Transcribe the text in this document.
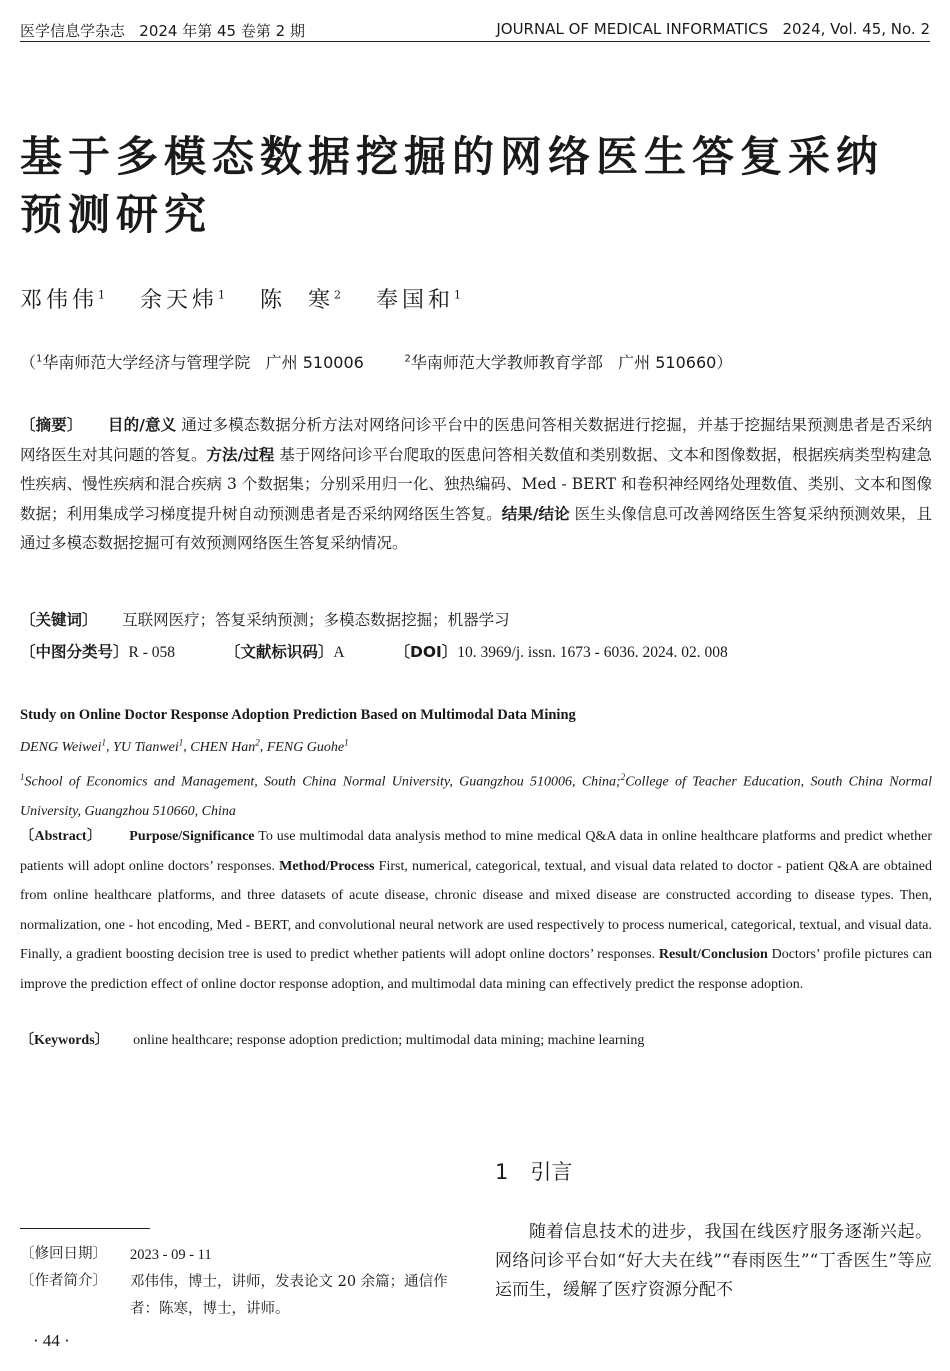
医学信息学杂志   2024 年第 45 卷第 2 期	JOURNAL OF MEDICAL INFORMATICS   2024, Vol. 45, No. 2
基于多模态数据挖掘的网络医生答复采纳
预测研究
邓伟伟$^1$ 余天炜$^1$ 陈  寒$^2$ 奉国和$^1$
（$^1$华南师范大学经济与管理学院   广州 510006	$^2$华南师范大学教师教育学部   广州 510660）
〔摘要〕 目的/意义 通过多模态数据分析方法对网络问诊平台中的医患问答相关数据进行挖掘，并基于挖掘结果预测患者是否采纳网络医生对其问题的答复。方法/过程 基于网络问诊平台爬取的医患问答相关数值和类别数据、文本和图像数据，根据疾病类型构建急性疾病、慢性疾病和混合疾病 3 个数据集；分别采用归一化、独热编码、Med - BERT 和卷积神经网络处理数值、类别、文本和图像数据；利用集成学习梯度提升树自动预测患者是否采纳网络医生答复。结果/结论 医生头像信息可改善网络医生答复采纳预测效果，且通过多模态数据挖掘可有效预测网络医生答复采纳情况。
〔关键词〕 互联网医疗；答复采纳预测；多模态数据挖掘；机器学习
〔中图分类号〕R - 058	〔文献标识码〕A	〔DOI〕10. 3969/j. issn. 1673 - 6036. 2024. 02. 008
Study on Online Doctor Response Adoption Prediction Based on Multimodal Data Mining
DENG Weiwei$^1$, YU Tianwei$^1$, CHEN Han$^2$, FENG Guohe$^1$
$^1$School of Economics and Management, South China Normal University, Guangzhou 510006, China;$^2$College of Teacher Education, South China Normal University, Guangzhou 510660, China
〔Abstract〕 Purpose/Significance To use multimodal data analysis method to mine medical Q&A data in online healthcare platforms and predict whether patients will adopt online doctors’ responses. Method/Process First, numerical, categorical, textual, and visual data related to doctor - patient Q&A are obtained from online healthcare platforms, and three datasets of acute disease, chronic disease and mixed disease are constructed according to disease types. Then, normalization, one - hot encoding, Med - BERT, and convolutional neural network are used respectively to process numerical, categorical, textual, and visual data. Finally, a gradient boosting decision tree is used to predict whether patients will adopt online doctors’ responses. Result/Conclusion Doctors’ profile pictures can improve the prediction effect of online doctor response adoption, and multimodal data mining can effectively predict the response adoption.
〔Keywords〕 online healthcare; response adoption prediction; multimodal data mining; machine learning
1 引言
随着信息技术的进步，我国在线医疗服务逐渐兴起。网络问诊平台如“好大夫在线”“春雨医生”“丁香医生”等应运而生，缓解了医疗资源分配不
〔修回日期〕 2023 - 09 - 11
〔作者简介〕 邓伟伟，博士，讲师，发表论文 20 余篇；通信作者：陈寒，博士，讲师。
· 44 ·
